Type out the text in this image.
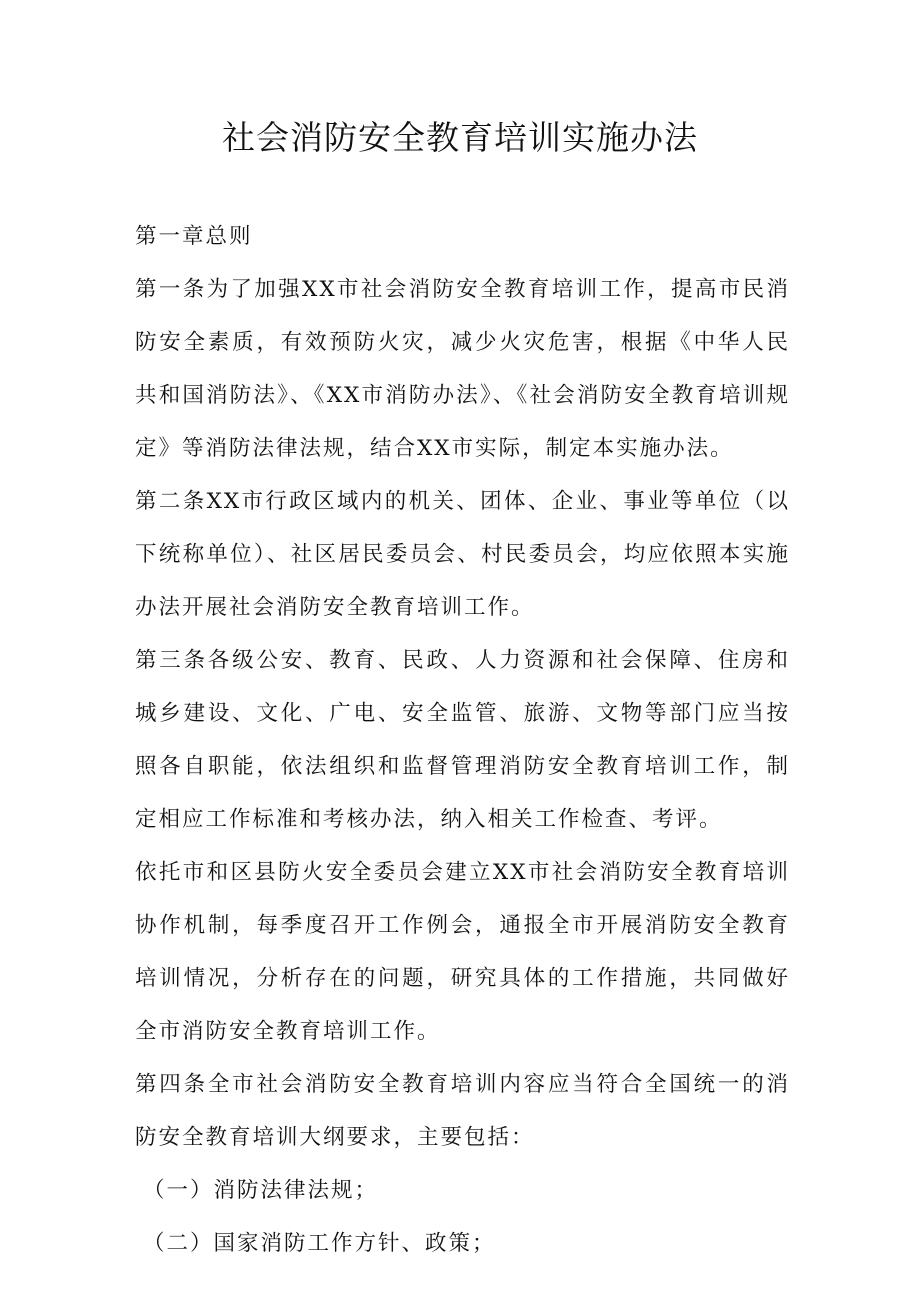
社会消防安全教育培训实施办法

第一章总则

第一条为了加强XX市社会消防安全教育培训工作，提高市民消防安全素质，有效预防火灾，减少火灾危害，根据《中华人民共和国消防法》、《XX市消防办法》、《社会消防安全教育培训规定》等消防法律法规，结合XX市实际，制定本实施办法。

第二条XX市行政区域内的机关、团体、企业、事业等单位（以下统称单位）、社区居民委员会、村民委员会，均应依照本实施办法开展社会消防安全教育培训工作。

第三条各级公安、教育、民政、人力资源和社会保障、住房和城乡建设、文化、广电、安全监管、旅游、文物等部门应当按照各自职能，依法组织和监督管理消防安全教育培训工作，制定相应工作标准和考核办法，纳入相关工作检查、考评。

依托市和区县防火安全委员会建立XX市社会消防安全教育培训协作机制，每季度召开工作例会，通报全市开展消防安全教育培训情况，分析存在的问题，研究具体的工作措施，共同做好全市消防安全教育培训工作。

第四条全市社会消防安全教育培训内容应当符合全国统一的消防安全教育培训大纲要求，主要包括：

（一）消防法律法规；

（二）国家消防工作方针、政策；
